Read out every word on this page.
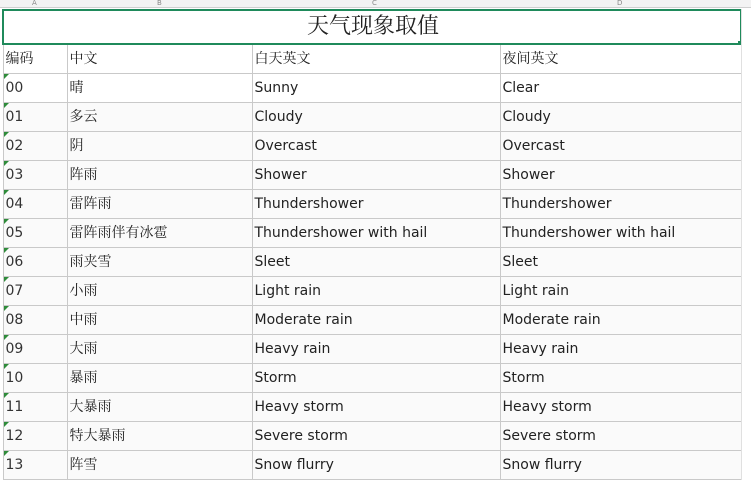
A	B	C	D
天气现象取值			

编码	中文	白天英文	夜间英文

00	晴	Sunny	Clear

01	多云	Cloudy	Cloudy

02	阴	Overcast	Overcast

03	阵雨	Shower	Shower

04	雷阵雨	Thundershower	Thundershower

05	雷阵雨伴有冰雹	Thundershower with hail	Thundershower with hail

06	雨夹雪	Sleet	Sleet

07	小雨	Light rain	Light rain

08	中雨	Moderate rain	Moderate rain

09	大雨	Heavy rain	Heavy rain

10	暴雨	Storm	Storm

11	大暴雨	Heavy storm	Heavy storm

12	特大暴雨	Severe storm	Severe storm

13	阵雪	Snow flurry	Snow flurry
